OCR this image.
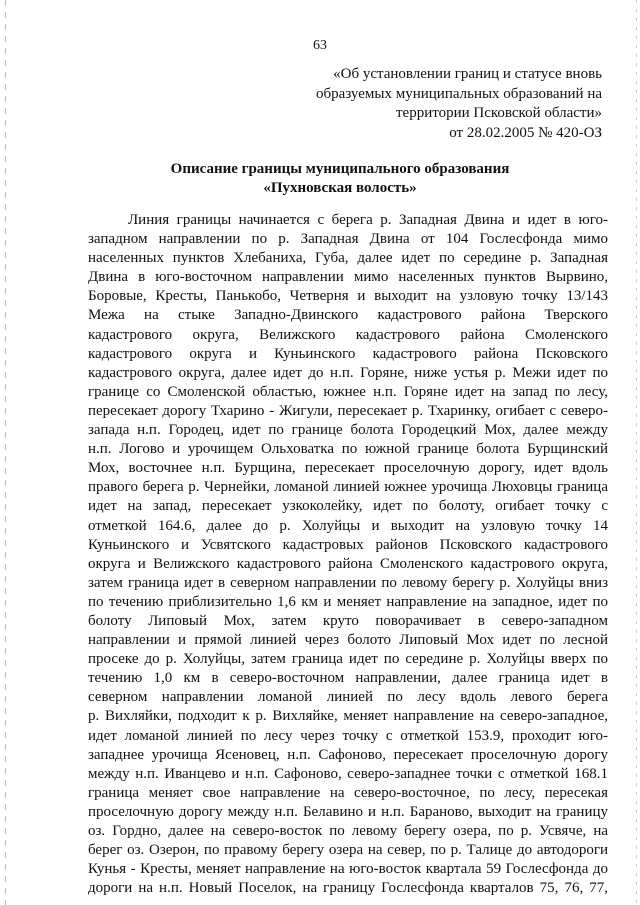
63
«Об установлении границ и статусе вновь
образуемых муниципальных образований на
территории Псковской области»
от 28.02.2005 № 420-ОЗ
Описание границы муниципального образования
«Пухновская волость»
Линия границы начинается с берега р. Западная Двина и идет в юго-
западном направлении по р. Западная Двина от 104 Гослесфонда мимо
населенных пунктов Хлебаниха, Губа, далее идет по середине р. Западная
Двина в юго-восточном направлении мимо населенных пунктов Вырвино,
Боровые, Кресты, Панькобо, Четверня и выходит на узловую точку 13/143
Межа на стыке Западно-Двинского кадастрового района Тверского
кадастрового округа, Велижского кадастрового района Смоленского
кадастрового округа и Куньинского кадастрового района Псковского
кадастрового округа, далее идет до н.п. Горяне, ниже устья р. Межи идет по
границе со Смоленской областью, южнее н.п. Горяне идет на запад по лесу,
пересекает дорогу Тхарино - Жигули, пересекает р. Тхаринку, огибает с северо-
запада н.п. Городец, идет по границе болота Городецкий Мох, далее между
н.п. Логово и урочищем Ольховатка по южной границе болота Бурщинский
Мох, восточнее н.п. Бурщина, пересекает проселочную дорогу, идет вдоль
правого берега р. Чернейки, ломаной линией южнее урочища Люховцы граница
идет на запад, пересекает узкоколейку, идет по болоту, огибает точку с
отметкой 164.6, далее до р. Холуйцы и выходит на узловую точку 14
Куньинского и Усвятского кадастровых районов Псковского кадастрового
округа и Велижского кадастрового района Смоленского кадастрового округа,
затем граница идет в северном направлении по левому берегу р. Холуйцы вниз
по течению приблизительно 1,6 км и меняет направление на западное, идет по
болоту Липовый Мох, затем круто поворачивает в северо-западном
направлении и прямой линией через болото Липовый Мох идет по лесной
просеке до р. Холуйцы, затем граница идет по середине р. Холуйцы вверх по
течению 1,0 км в северо-восточном направлении, далее граница идет в
северном направлении ломаной линией по лесу вдоль левого берега
р. Вихляйки, подходит к р. Вихляйке, меняет направление на северо-западное,
идет ломаной линией по лесу через точку с отметкой 153.9, проходит юго-
западнее урочища Ясеновец, н.п. Сафоново, пересекает проселочную дорогу
между н.п. Иванцево и н.п. Сафоново, северо-западнее точки с отметкой 168.1
граница меняет свое направление на северо-восточное, по лесу, пересекая
проселочную дорогу между н.п. Белавино и н.п. Бараново, выходит на границу
оз. Гордно, далее на северо-восток по левому берегу озера, по р. Усвяче, на
берег оз. Озерон, по правому берегу озера на север, по р. Талице до автодороги
Кунья - Кресты, меняет направление на юго-восток квартала 59 Гослесфонда до
дороги на н.п. Новый Поселок, на границу Гослесфонда кварталов 75, 76, 77,
